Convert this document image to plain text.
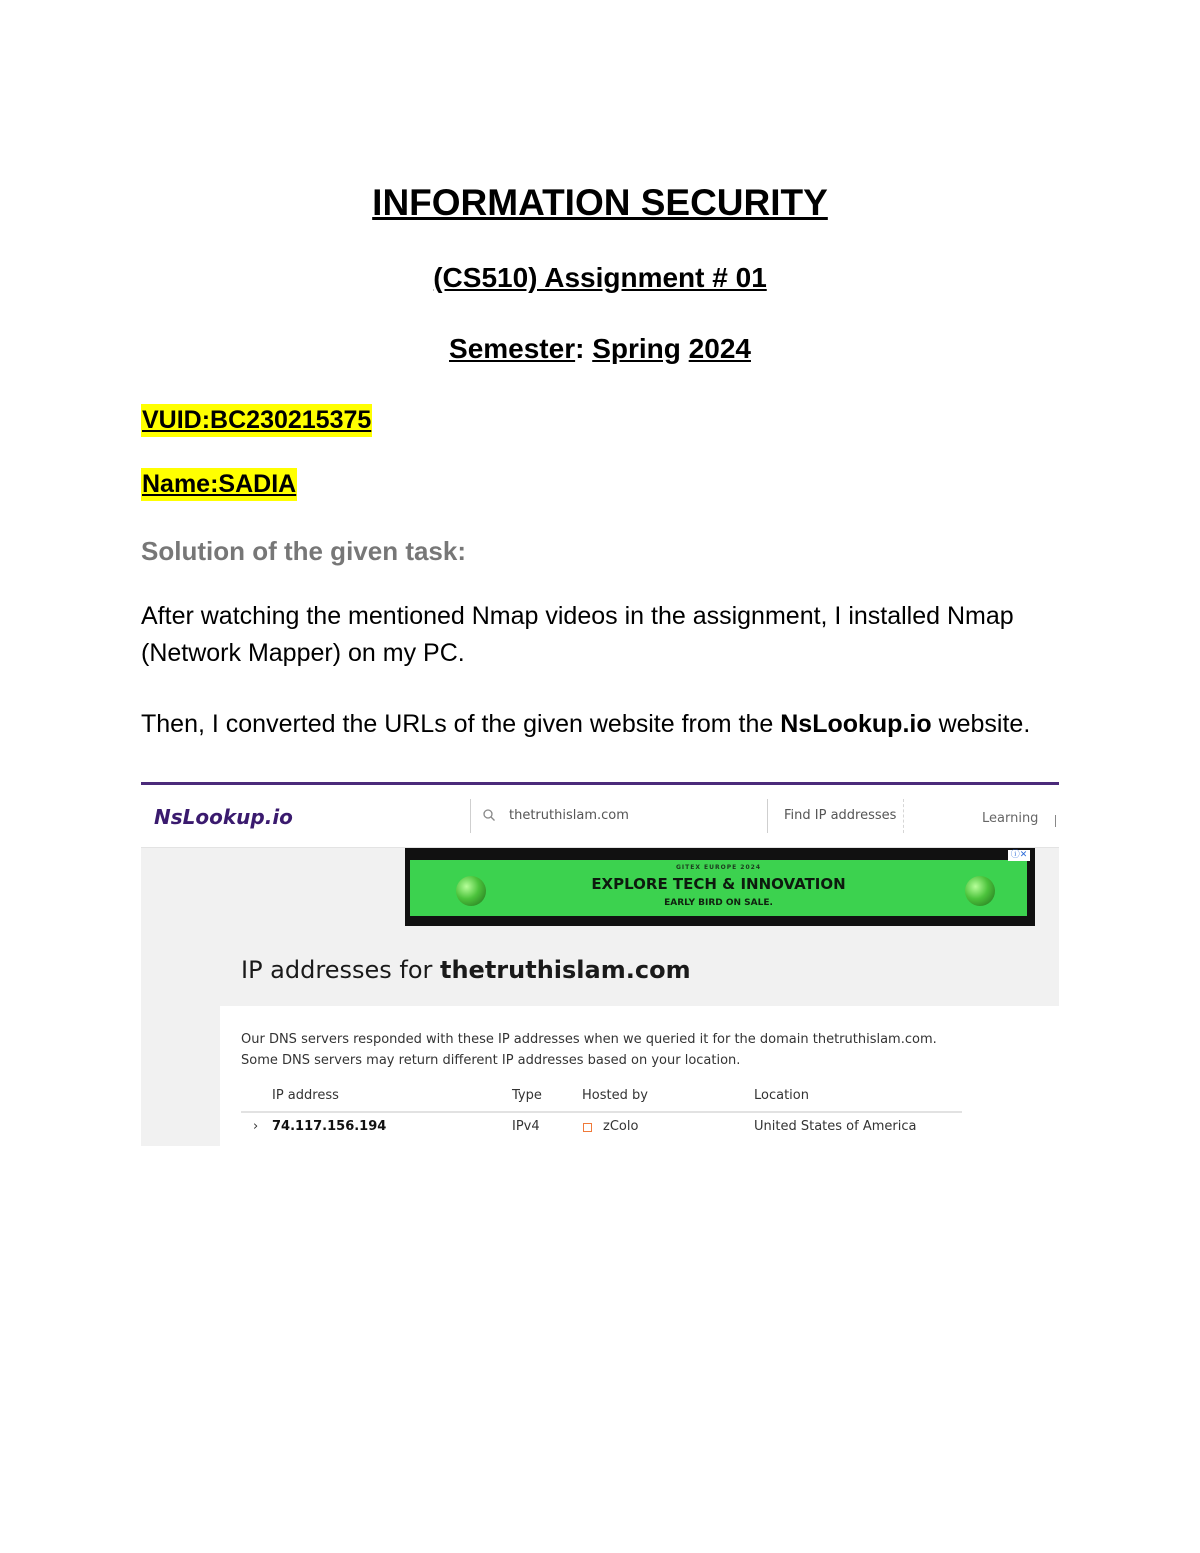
INFORMATION SECURITY
(CS510) Assignment # 01
Semester: Spring 2024
VUID:BC230215375
Name:SADIA
Solution of the given task:
After watching the mentioned Nmap videos in the assignment, I installed Nmap (Network Mapper) on my PC.
Then, I converted the URLs of the given website from the NsLookup.io website.
NsLookup.io	thetruthislam.com	Find IP addresses	Learning
GITEX EUROPE 2024
EXPLORE TECH & INNOVATION
EARLY BIRD ON SALE.
ⓘ✕
IP addresses for thetruthislam.com
Our DNS servers responded with these IP addresses when we queried it for the domain thetruthislam.com. Some DNS servers may return different IP addresses based on your location.
IP address	Type	Hosted by	Location
› 74.117.156.194	IPv4	zColo	United States of America
